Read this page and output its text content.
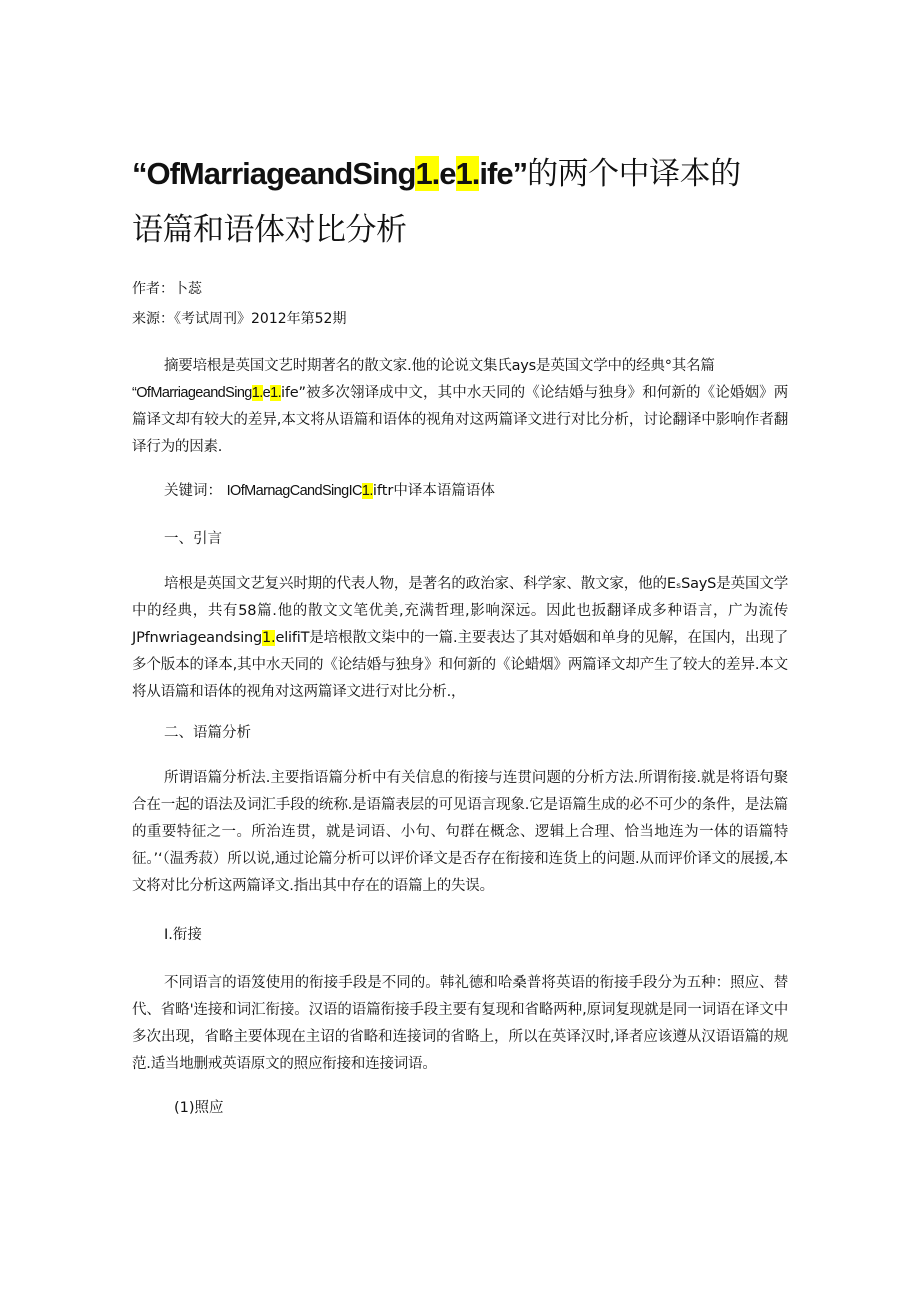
“OfMarriageandSing1.e1.ife”的两个中译本的
语篇和语体对比分析

作者：卜蕊

来源：《考试周刊》2012年第52期

摘要培根是英国文艺时期著名的散文家.他的论说文集氏ays是英国文学中的经典°其名篇
“OfMarriageandSing1.e1.ife”被多次翎译成中文，其中水天同的《论结婚与独身》和何新的《论婚姻》两篇译文却有较大的差异,本文将从语篇和语体的视角对这两篇译文进行对比分析，讨论翻译中影响作者翻译行为的因素.

关键词： IOfMarnagCandSingIC1.iftr中译本语篇语体

一、引言

培根是英国文艺复兴时期的代表人物，是著名的政治家、科学家、散文家，他的EₛSayS是英国文学中的经典，共有58篇.他的散文文笔优美,充满哲理,影响深远。因此也扳翻译成多种语言，广为流传JPfnwriageandsing1.elifiT是培根散文柒中的一篇.主要表达了其对婚姻和单身的见解，在国内，出现了多个版本的译本,其中水天同的《论结婚与独身》和何新的《论蜡烟》两篇译文却产生了较大的差异.本文将从语篇和语体的视角对这两篇译文进行对比分析.，

二、语篇分析

所谓语篇分析法.主要指语篇分析中有关信息的衔接与连贯问题的分析方法.所谓衔接.就是将语句聚合在一起的语法及词汇手段的统称.是语篇表层的可见语言现象.它是语篇生成的必不可少的条件，是法篇的重要特征之一。所治连贯，就是词语、小句、句群在概念、逻辑上合理、恰当地连为一体的语篇特征。’‘（温秀菽）所以说,通过论篇分析可以评价译文是否存在衔接和连货上的问题.从而评价译文的展援,本文将对比分析这两篇译文.指出其中存在的语篇上的失误。

I.衔接

不同语言的语笈使用的衔接手段是不同的。韩礼德和哈桑普将英语的衔接手段分为五种：照应、替代、省略'连接和词汇衔接。汉语的语篇衔接手段主要有复现和省略两种,原词复现就是同一词语在译文中多次出现，省略主要体现在主诏的省略和连接词的省略上，所以在英译汉时,译者应该遵从汉语语篇的规范.适当地删戒英语原文的照应衔接和连接词语。

(1)照应
